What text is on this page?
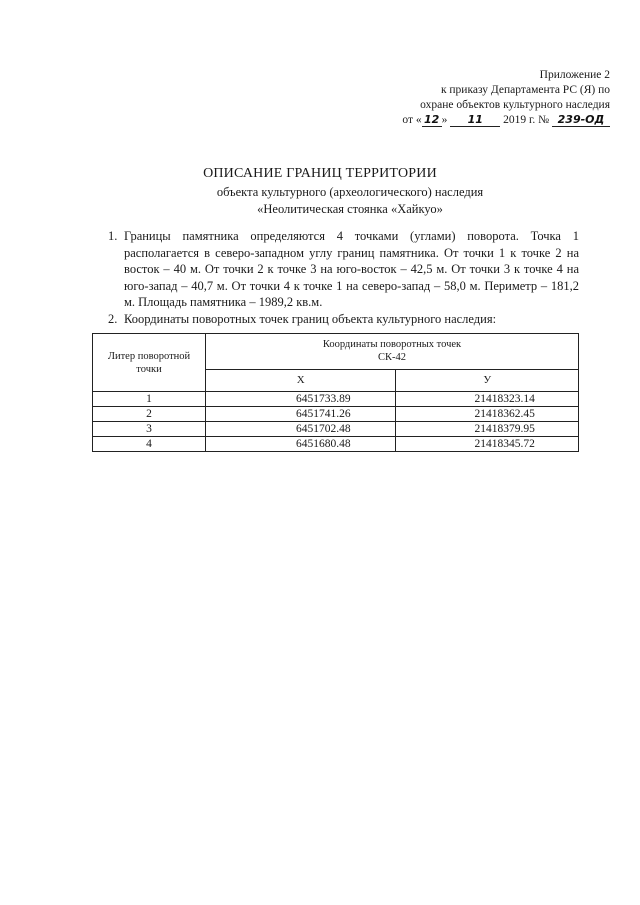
Приложение 2
к приказу Департамента РС (Я) по
охране объектов культурного наследия
от « 12 » 11 2019 г. № 239-ОД
ОПИСАНИЕ ГРАНИЦ ТЕРРИТОРИИ
объекта культурного (археологического) наследия
«Неолитическая стоянка «Хайкуо»
1. Границы памятника определяются 4 точками (углами) поворота. Точка 1 располагается в северо-западном углу границ памятника. От точки 1 к точке 2 на восток – 40 м. От точки 2 к точке 3 на юго-восток – 42,5 м. От точки 3 к точке 4 на юго-запад – 40,7 м. От точки 4 к точке 1 на северо-запад – 58,0 м. Периметр – 181,2 м. Площадь памятника – 1989,2 кв.м.
2. Координаты поворотных точек границ объекта культурного наследия:
Литер поворотной точки	Координаты поворотных точек
СК-42	
	X	У
1	6451733.89	21418323.14
2	6451741.26	21418362.45
3	6451702.48	21418379.95
4	6451680.48	21418345.72
